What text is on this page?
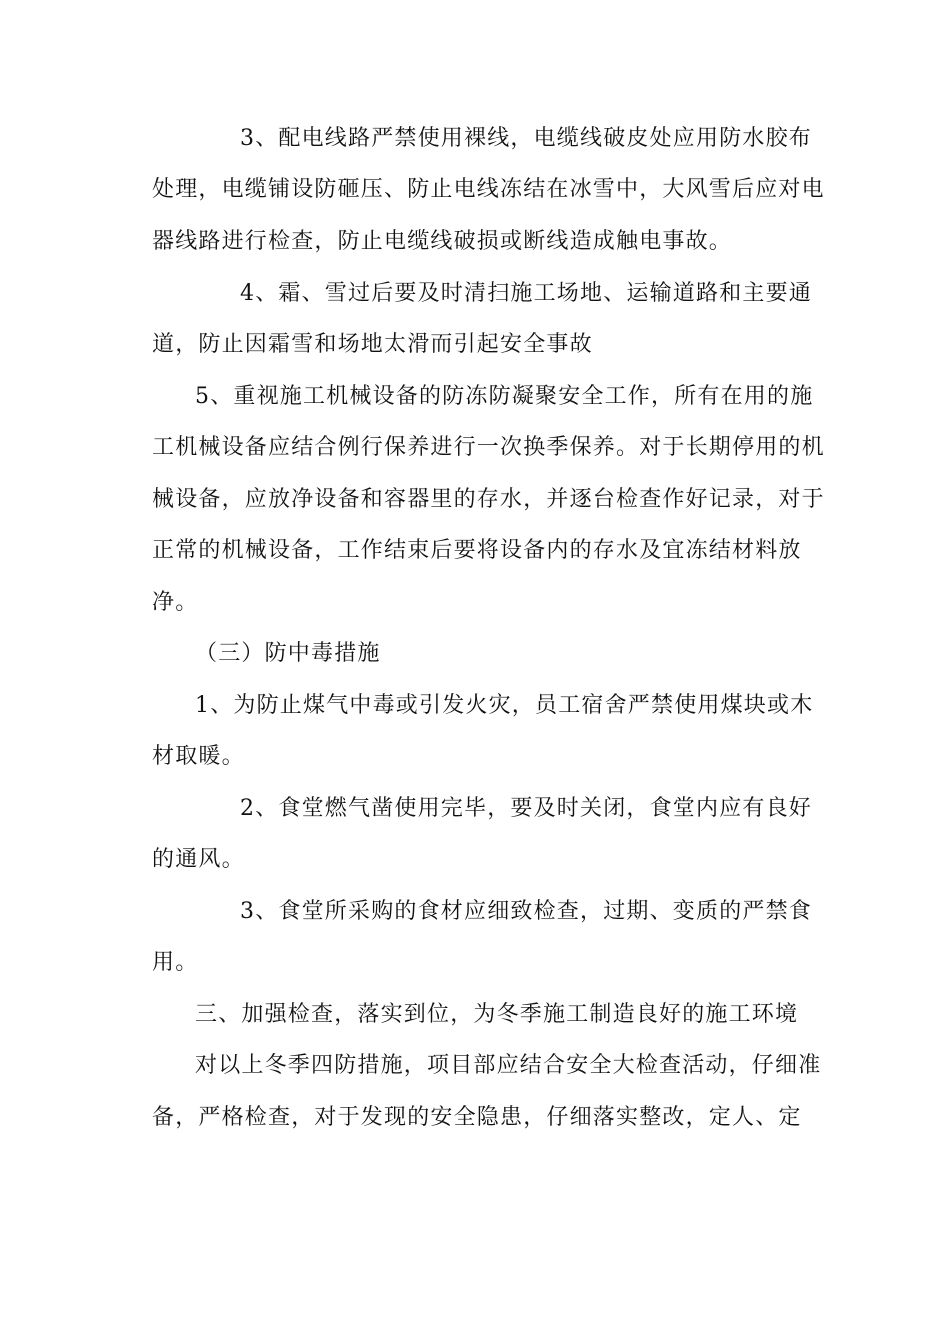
3、配电线路严禁使用裸线，电缆线破皮处应用防水胶布
处理，电缆铺设防砸压、防止电线冻结在冰雪中，大风雪后应对电
器线路进行检查，防止电缆线破损或断线造成触电事故。
4、霜、雪过后要及时清扫施工场地、运输道路和主要通
道，防止因霜雪和场地太滑而引起安全事故
5、重视施工机械设备的防冻防凝聚安全工作，所有在用的施
工机械设备应结合例行保养进行一次换季保养。对于长期停用的机
械设备，应放净设备和容器里的存水，并逐台检查作好记录，对于
正常的机械设备，工作结束后要将设备内的存水及宜冻结材料放
净。
（三）防中毒措施
1、为防止煤气中毒或引发火灾，员工宿舍严禁使用煤块或木
材取暖。
2、食堂燃气凿使用完毕，要及时关闭，食堂内应有良好
的通风。
3、食堂所采购的食材应细致检查，过期、变质的严禁食
用。
三、加强检查，落实到位，为冬季施工制造良好的施工环境
对以上冬季四防措施，项目部应结合安全大检查活动，仔细准
备，严格检查，对于发现的安全隐患，仔细落实整改，定人、定
